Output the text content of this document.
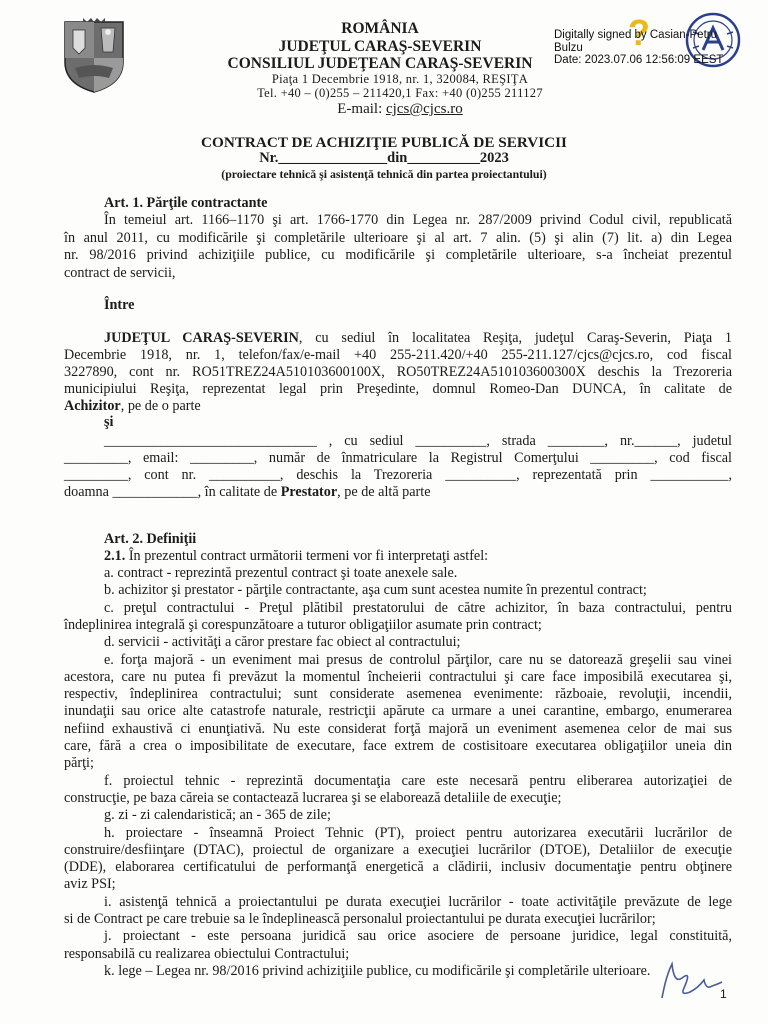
ROMÂNIA
JUDEŢUL CARAŞ-SEVERIN
CONSILIUL JUDEŢEAN CARAŞ-SEVERIN
Piaţa 1 Decembrie 1918, nr. 1, 320084, REŞIŢA
Tel. +40 – (0)255 – 211420,1 Fax: +40 (0)255 211127
E-mail: cjcs@cjcs.ro
?
Digitally signed by Casian-Petru
Bulzu
Date: 2023.07.06 12:56:09 EEST
CONTRACT DE ACHIZIŢIE PUBLICĂ DE SERVICII
Nr._______________din__________2023
(proiectare tehnică şi asistenţă tehnică din partea proiectantului)
Art. 1. Părţile contractante
În temeiul art. 1166–1170 şi art. 1766-1770 din Legea nr. 287/2009 privind Codul civil, republicată
în anul 2011, cu modificările şi completările ulterioare şi al art. 7 alin. (5) şi alin (7) lit. a) din Legea
nr. 98/2016 privind achiziţiile publice, cu modificările şi completările ulterioare, s-a încheiat prezentul
contract de servicii,
Între
JUDEŢUL CARAŞ-SEVERIN, cu sediul în localitatea Reşiţa, judeţul Caraş-Severin, Piaţa 1
Decembrie 1918, nr. 1, telefon/fax/e-mail +40 255-211.420/+40 255-211.127/cjcs@cjcs.ro, cod fiscal
3227890, cont nr. RO51TREZ24A510103600100X, RO50TREZ24A510103600300X deschis la Trezoreria
municipiului Reşiţa, reprezentat legal prin Preşedinte, domnul Romeo-Dan DUNCA, în calitate de
Achizitor, pe de o parte
şi
______________________________ , cu sediul __________, strada ________, nr.______, judetul
_________, email: _________, număr de înmatriculare la Registrul Comerţului _________, cod fiscal
_________, cont nr. __________, deschis la Trezoreria __________, reprezentată prin ___________,
doamna ____________, în calitate de Prestator, pe de altă parte
Art. 2. Definiţii
2.1. În prezentul contract următorii termeni vor fi interpretaţi astfel:
a. contract - reprezintă prezentul contract şi toate anexele sale.
b. achizitor şi prestator - părţile contractante, aşa cum sunt acestea numite în prezentul contract;
c. preţul contractului - Preţul plătibil prestatorului de către achizitor, în baza contractului, pentru
îndeplinirea integrală şi corespunzătoare a tuturor obligaţiilor asumate prin contract;
d. servicii - activităţi a căror prestare fac obiect al contractului;
e. forţa majoră - un eveniment mai presus de controlul părţilor, care nu se datorează greşelii sau vinei
acestora, care nu putea fi prevăzut la momentul încheierii contractului şi care face imposibilă executarea şi,
respectiv, îndeplinirea contractului; sunt considerate asemenea evenimente: războaie, revoluţii, incendii,
inundaţii sau orice alte catastrofe naturale, restricţii apărute ca urmare a unei carantine, embargo, enumerarea
nefiind exhaustivă ci enunţiativă. Nu este considerat forţă majoră un eveniment asemenea celor de mai sus
care, fără a crea o imposibilitate de executare, face extrem de costisitoare executarea obligaţiilor uneia din
părţi;
f. proiectul tehnic - reprezintă documentaţia care este necesară pentru eliberarea autorizaţiei de
construcţie, pe baza căreia se contactează lucrarea şi se elaborează detaliile de execuţie;
g. zi - zi calendaristică; an - 365 de zile;
h. proiectare - înseamnă Proiect Tehnic (PT), proiect pentru autorizarea executării lucrărilor de
construire/desfiinţare (DTAC), proiectul de organizare a execuţiei lucrărilor (DTOE), Detaliilor de execuţie
(DDE), elaborarea certificatului de performanţă energetică a clădirii, inclusiv documentaţie pentru obţinere
aviz PSI;
i. asistenţă tehnică a proiectantului pe durata execuţiei lucrărilor - toate activităţile prevăzute de lege
si de Contract pe care trebuie sa le îndeplinească personalul proiectantului pe durata execuţiei lucrărilor;
j. proiectant - este persoana juridică sau orice asociere de persoane juridice, legal constituită,
responsabilă cu realizarea obiectului Contractului;
k. lege – Legea nr. 98/2016 privind achiziţiile publice, cu modificările şi completările ulterioare.
1
